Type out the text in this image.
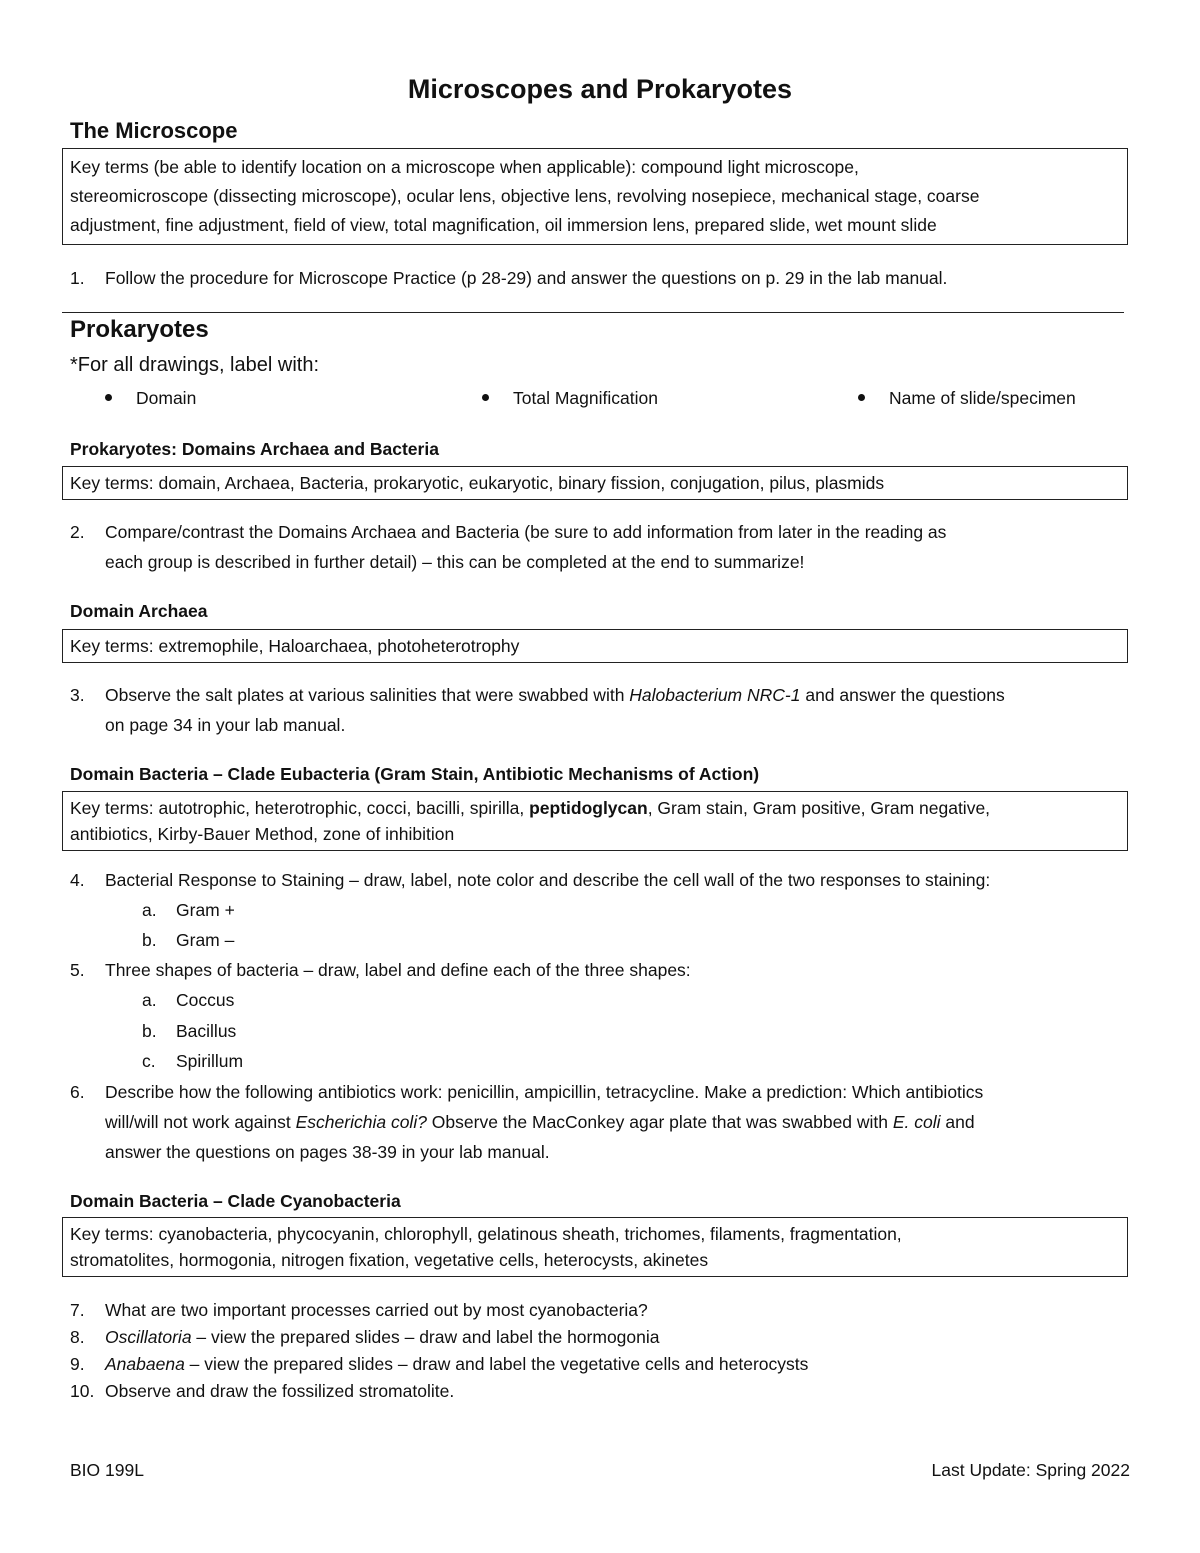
Microscopes and Prokaryotes
The Microscope
Key terms (be able to identify location on a microscope when applicable): compound light microscope,
stereomicroscope (dissecting microscope), ocular lens, objective lens, revolving nosepiece, mechanical stage, coarse
adjustment, fine adjustment, field of view, total magnification, oil immersion lens, prepared slide, wet mount slide
1.	Follow the procedure for Microscope Practice (p 28-29) and answer the questions on p. 29 in the lab manual.
Prokaryotes
*For all drawings, label with:
Domain	Total Magnification	Name of slide/specimen
Prokaryotes: Domains Archaea and Bacteria
Key terms: domain, Archaea, Bacteria, prokaryotic, eukaryotic, binary fission, conjugation, pilus, plasmids
2.	Compare/contrast the Domains Archaea and Bacteria (be sure to add information from later in the reading as
each group is described in further detail) – this can be completed at the end to summarize!
Domain Archaea
Key terms: extremophile, Haloarchaea, photoheterotrophy
3.	Observe the salt plates at various salinities that were swabbed with Halobacterium NRC-1 and answer the questions
on page 34 in your lab manual.
Domain Bacteria – Clade Eubacteria (Gram Stain, Antibiotic Mechanisms of Action)
Key terms: autotrophic, heterotrophic, cocci, bacilli, spirilla, peptidoglycan, Gram stain, Gram positive, Gram negative,
antibiotics, Kirby-Bauer Method, zone of inhibition
4.	Bacterial Response to Staining – draw, label, note color and describe the cell wall of the two responses to staining:
a.	Gram +
b.	Gram –
5.	Three shapes of bacteria – draw, label and define each of the three shapes:
a.	Coccus
b.	Bacillus
c.	Spirillum
6.	Describe how the following antibiotics work: penicillin, ampicillin, tetracycline. Make a prediction: Which antibiotics
will/will not work against Escherichia coli? Observe the MacConkey agar plate that was swabbed with E. coli and
answer the questions on pages 38-39 in your lab manual.
Domain Bacteria – Clade Cyanobacteria
Key terms: cyanobacteria, phycocyanin, chlorophyll, gelatinous sheath, trichomes, filaments, fragmentation,
stromatolites, hormogonia, nitrogen fixation, vegetative cells, heterocysts, akinetes
7.	What are two important processes carried out by most cyanobacteria?
8.	Oscillatoria – view the prepared slides – draw and label the hormogonia
9.	Anabaena – view the prepared slides – draw and label the vegetative cells and heterocysts
10. Observe and draw the fossilized stromatolite.
BIO 199L	Last Update: Spring 2022
